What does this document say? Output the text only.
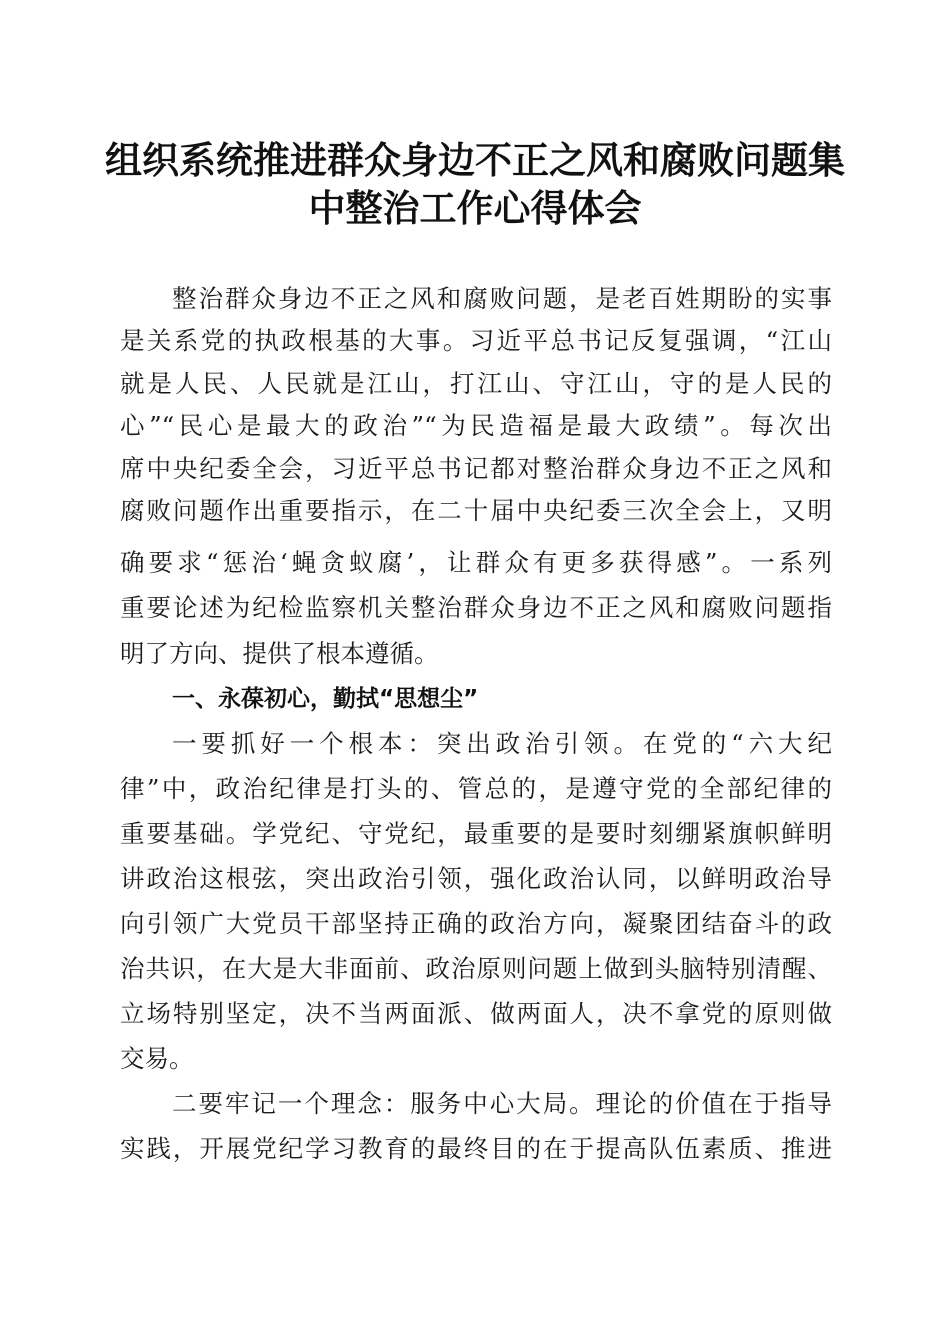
组织系统推进群众身边不正之风和腐败问题集
中整治工作心得体会
整治群众身边不正之风和腐败问题，是老百姓期盼的实事
是关系党的执政根基的大事。习近平总书记反复强调，“江山
就是人民、人民就是江山，打江山、守江山，守的是人民的
心”“民心是最大的政治”“为民造福是最大政绩”。每次出
席中央纪委全会，习近平总书记都对整治群众身边不正之风和
腐败问题作出重要指示，在二十届中央纪委三次全会上，又明
确要求“惩治‘蝇贪蚁腐’，让群众有更多获得感”。一系列
重要论述为纪检监察机关整治群众身边不正之风和腐败问题指
明了方向、提供了根本遵循。
一、永葆初心，勤拭“思想尘”
一要抓好一个根本：突出政治引领。在党的“六大纪
律”中，政治纪律是打头的、管总的，是遵守党的全部纪律的
重要基础。学党纪、守党纪，最重要的是要时刻绷紧旗帜鲜明
讲政治这根弦，突出政治引领，强化政治认同，以鲜明政治导
向引领广大党员干部坚持正确的政治方向，凝聚团结奋斗的政
治共识，在大是大非面前、政治原则问题上做到头脑特别清醒、
立场特别坚定，决不当两面派、做两面人，决不拿党的原则做
交易。
二要牢记一个理念：服务中心大局。理论的价值在于指导
实践，开展党纪学习教育的最终目的在于提高队伍素质、推进
